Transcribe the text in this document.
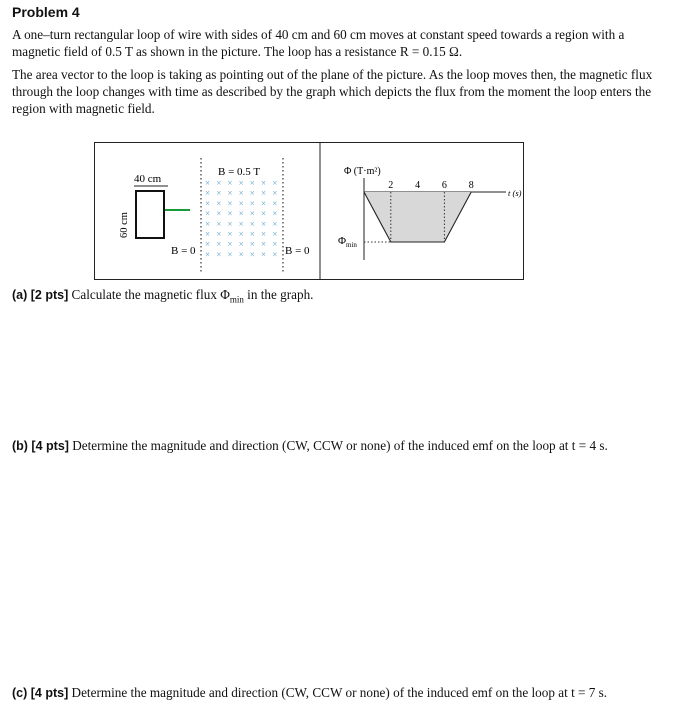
Problem 4
A one–turn rectangular loop of wire with sides of 40 cm and 60 cm moves at constant speed towards a region with a magnetic field of 0.5 T as shown in the picture. The loop has a resistance R = 0.15 Ω.
The area vector to the loop is taking as pointing out of the plane of the picture. As the loop moves then, the magnetic flux through the loop changes with time as described by the graph which depicts the flux from the moment the loop enters the region with magnetic field.
× × × × × × ×
× × × × × × ×
× × × × × × ×
× × × × × × ×
× × × × × × ×
× × × × × × ×
× × × × × × ×
× × × × × × ×
B = 0.5 T
40 cm
60 cm
B = 0	B = 0
Φ (T·m²)
t (s)
2 4 6 8
$\Phi_{min}$
(a) [2 pts] Calculate the magnetic flux $\Phi_{min}$ in the graph.
(b) [4 pts] Determine the magnitude and direction (CW, CCW or none) of the induced emf on the loop at t = 4 s.
(c) [4 pts] Determine the magnitude and direction (CW, CCW or none) of the induced emf on the loop at t = 7 s.
